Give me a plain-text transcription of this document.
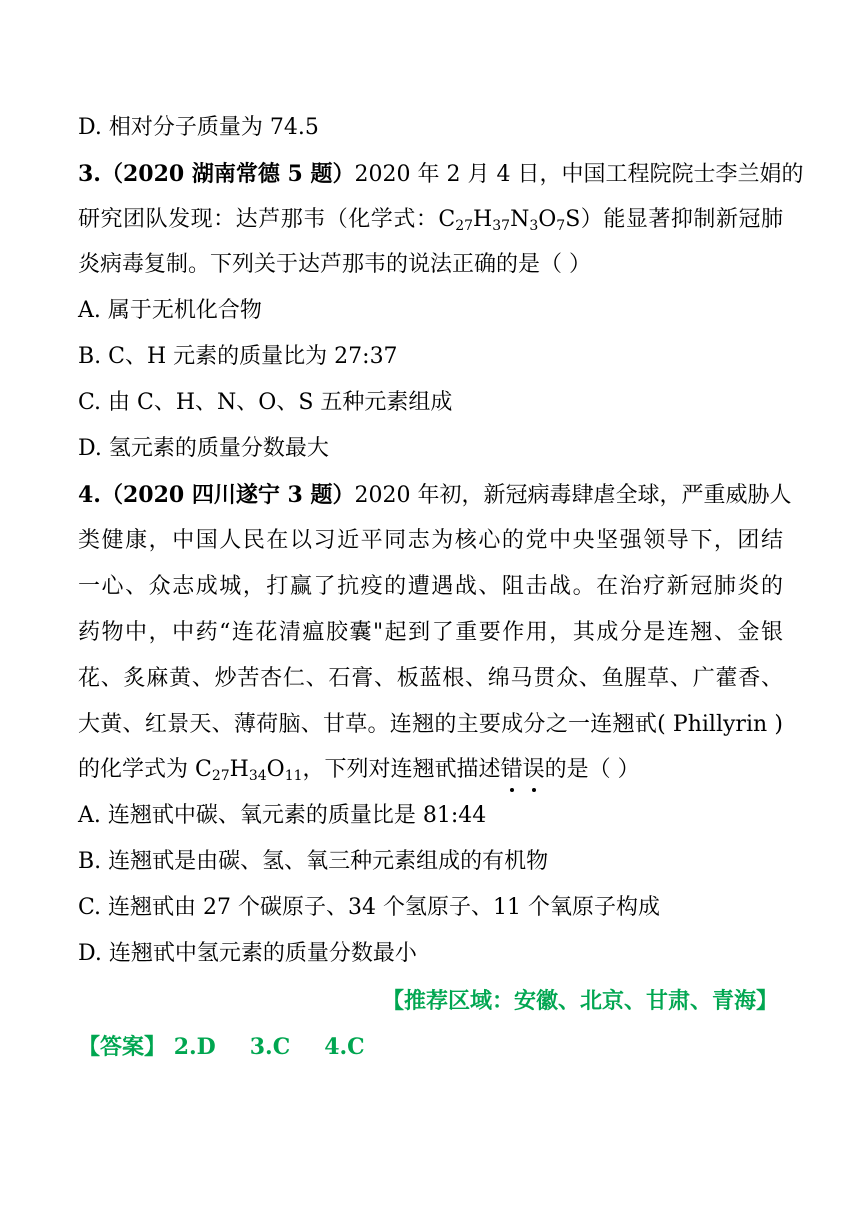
D. 相对分子质量为 74.5
3.（2020 湖南常德 5 题）2020 年 2 月 4 日，中国工程院院士李兰娟的
研究团队发现：达芦那韦（化学式：$C_{27}H_{37}N_3O_7S$）能显著抑制新冠肺
炎病毒复制。下列关于达芦那韦的说法正确的是（ ）
A. 属于无机化合物
B. C、H 元素的质量比为 27:37
C. 由 C、H、N、O、S 五种元素组成
D. 氢元素的质量分数最大
4.（2020 四川遂宁 3 题）2020 年初，新冠病毒肆虐全球，严重威胁人
类健康，中国人民在以习近平同志为核心的党中央坚强领导下，团结
一心、众志成城，打赢了抗疫的遭遇战、阻击战。在治疗新冠肺炎的
药物中，中药“连花清瘟胶囊"起到了重要作用，其成分是连翘、金银
花、炙麻黄、炒苦杏仁、石膏、板蓝根、绵马贯众、鱼腥草、广藿香、
大黄、红景天、薄荷脑、甘草。连翘的主要成分之一连翘甙( Phillyrin )
的化学式为 $C_{27}H_{34}O_{11}$，下列对连翘甙描述错误的是（ ）
A. 连翘甙中碳、氧元素的质量比是 81:44
B. 连翘甙是由碳、氢、氧三种元素组成的有机物
C. 连翘甙由 27 个碳原子、34 个氢原子、11 个氧原子构成
D. 连翘甙中氢元素的质量分数最小
【推荐区域：安徽、北京、甘肃、青海】
【答案】 2.D 3.C 4.C
